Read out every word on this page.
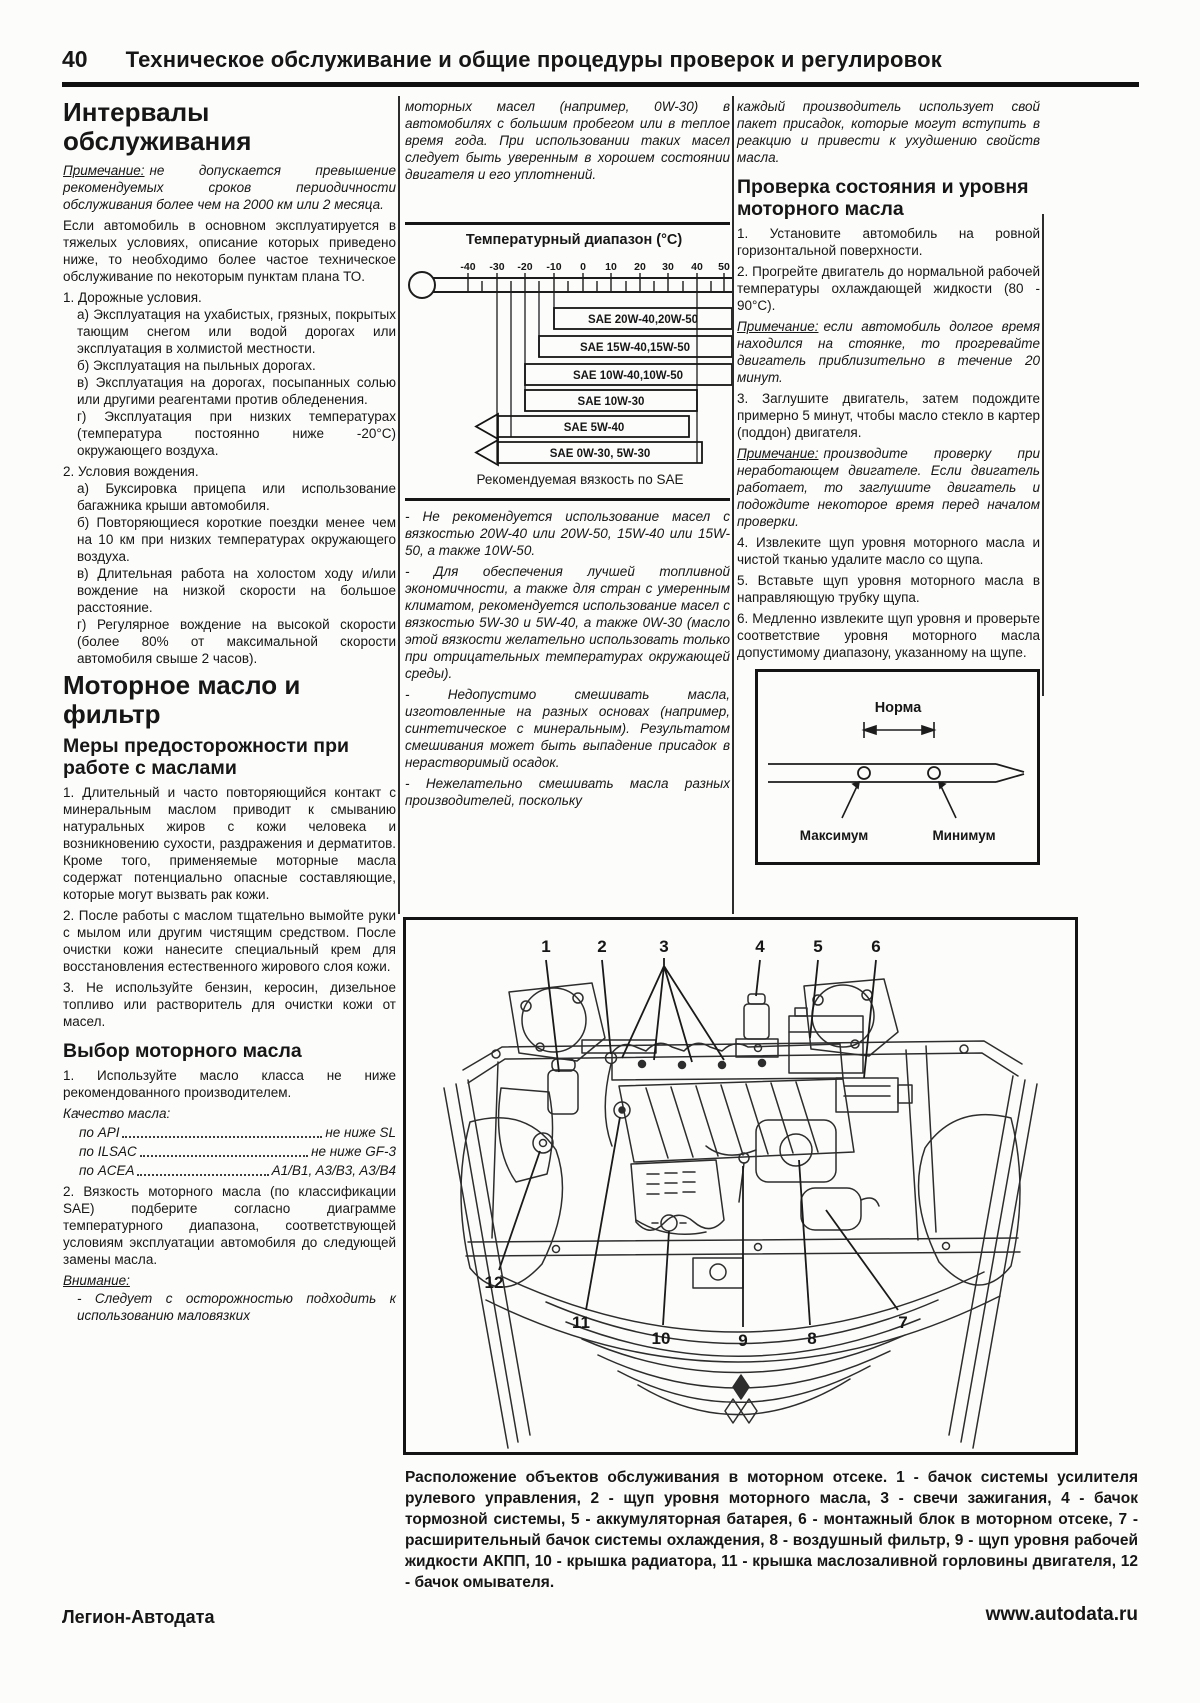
40 Техническое обслуживание и общие процедуры проверок и регулировок
Интервалы обслуживания

Примечание: не допускается превышение рекомендуемых сроков периодичности обслуживания более чем на 2000 км или 2 месяца.

Если автомобиль в основном эксплуатируется в тяжелых условиях, описание которых приведено ниже, то необходимо более частое техническое обслуживание по некоторым пунктам плана ТО.

1. Дорожные условия.

а) Эксплуатация на ухабистых, грязных, покрытых тающим снегом или водой дорогах или эксплуатация в холмистой местности.

б) Эксплуатация на пыльных дорогах.

в) Эксплуатация на дорогах, посыпанных солью или другими реагентами против обледенения.

г) Эксплуатация при низких температурах (температура постоянно ниже -20°C) окружающего воздуха.

2. Условия вождения.

а) Буксировка прицепа или использование багажника крыши автомобиля.

б) Повторяющиеся короткие поездки менее чем на 10 км при низких температурах окружающего воздуха.

в) Длительная работа на холостом ходу и/или вождение на низкой скорости на большое расстояние.

г) Регулярное вождение на высокой скорости (более 80% от максимальной скорости автомобиля свыше 2 часов).

Моторное масло и фильтр
Меры предосторожности при работе с маслами

1. Длительный и часто повторяющийся контакт с минеральным маслом приводит к смыванию натуральных жиров с кожи человека и возникновению сухости, раздражения и дерматитов. Кроме того, применяемые моторные масла содержат потенциально опасные составляющие, которые могут вызвать рак кожи.

2. После работы с маслом тщательно вымойте руки с мылом или другим чистящим средством. После очистки кожи нанесите специальный крем для восстановления естественного жирового слоя кожи.

3. Не используйте бензин, керосин, дизельное топливо или растворитель для очистки кожи от масел.

Выбор моторного масла

1. Используйте масло класса не ниже рекомендованного производителем.

Качество масла:

по API	не ниже SL
по ILSAC	не ниже GF-3
по ACEA	A1/B1, A3/B3, A3/B4

2. Вязкость моторного масла (по классификации SAE) подберите согласно диаграмме температурного диапазона, соответствующей условиям эксплуатации автомобиля до следующей замены масла.

Внимание:

- Следует с осторожностью подходить к использованию маловязких

моторных масел (например, 0W-30) в автомобилях с большим пробегом или в теплое время года. При использовании таких масел следует быть уверенным в хорошем состоянии двигателя и его уплотнений.

Температурный диапазон (°C)
-40 -30 -20 -10 0 10 20 30 40 50
SAE 20W-40,20W-50
SAE 15W-40,15W-50
SAE 10W-40,10W-50
SAE 10W-30
SAE 5W-40
SAE 0W-30, 5W-30
Рекомендуемая вязкость по SAE

- Не рекомендуется использование масел с вязкостью 20W-40 или 20W-50, 15W-40 или 15W-50, а также 10W-50.

- Для обеспечения лучшей топливной экономичности, а также для стран с умеренным климатом, рекомендуется использование масел с вязкостью 5W-30 и 5W-40, а также 0W-30 (масло этой вязкости желательно использовать только при отрицательных температурах окружающей среды).

- Недопустимо смешивать масла, изготовленные на разных основах (например, синтетическое с минеральным). Результатом смешивания может быть выпадение присадок в нерастворимый осадок.

- Нежелательно смешивать масла разных производителей, поскольку

каждый производитель использует свой пакет присадок, которые могут вступить в реакцию и привести к ухудшению свойств масла.

Проверка состояния и уровня моторного масла

1. Установите автомобиль на ровной горизонтальной поверхности.

2. Прогрейте двигатель до нормальной рабочей температуры охлаждающей жидкости (80 - 90°C).

Примечание: если автомобиль долгое время находился на стоянке, то прогревайте двигатель приблизительно в течение 20 минут.

3. Заглушите двигатель, затем подождите примерно 5 минут, чтобы масло стекло в картер (поддон) двигателя.

Примечание: производите проверку при неработающем двигателе. Если двигатель работает, то заглушите двигатель и подождите некоторое время перед началом проверки.

4. Извлеките щуп уровня моторного масла и чистой тканью удалите масло со щупа.

5. Вставьте щуп уровня моторного масла в направляющую трубку щупа.

6. Медленно извлеките щуп уровня и проверьте соответствие уровня моторного масла допустимому диапазону, указанному на щупе.

Норма
Максимум	Минимум
1	2	3	4	5	6
12
11
10	9	8
7
Расположение объектов обслуживания в моторном отсеке. 1 - бачок системы усилителя рулевого управления, 2 - щуп уровня моторного масла, 3 - свечи зажигания, 4 - бачок тормозной системы, 5 - аккумуляторная батарея, 6 - монтажный блок в моторном отсеке, 7 - расширительный бачок системы охлаждения, 8 - воздушный фильтр, 9 - щуп уровня рабочей жидкости АКПП, 10 - крышка радиатора, 11 - крышка маслозаливной горловины двигателя, 12 - бачок омывателя.
Легион-Автодата	www.autodata.ru
